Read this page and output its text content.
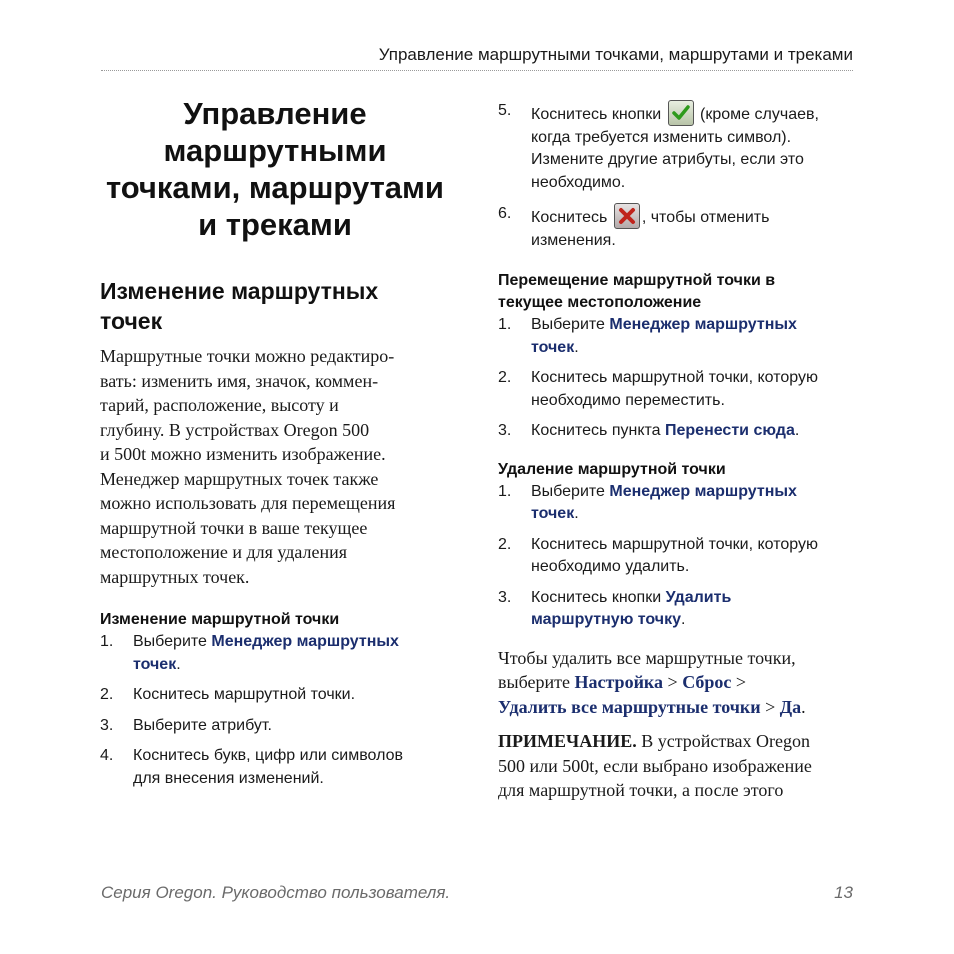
Управление маршрутными точками, маршрутами и треками
Управление
маршрутными
точками, маршрутами
и треками
Изменение маршрутных
точек

Маршрутные точки можно редактиро-
вать: изменить имя, значок, коммен-
тарий, расположение, высоту и
глубину. В устройствах Oregon 500
и 500t можно изменить изображение.
Менеджер маршрутных точек также
можно использовать для перемещения
маршрутной точки в ваше текущее
местоположение и для удаления
маршрутных точек.

Изменение маршрутной точки
1. Выберите Менеджер маршрутных
точек.
2. Коснитесь маршрутной точки.
3. Выберите атрибут.
4. Коснитесь букв, цифр или символов
для внесения изменений.
5. Коснитесь кнопки
(кроме случаев,
когда требуется изменить символ).
Измените другие атрибуты, если это
необходимо.
6. Коснитесь , чтобы отменить
изменения.
Перемещение маршрутной точки в
текущее местоположение
1. Выберите Менеджер маршрутных
точек.
2. Коснитесь маршрутной точки, которую
необходимо переместить.
3. Коснитесь пункта Перенести сюда.
Удаление маршрутной точки
1. Выберите Менеджер маршрутных
точек.
2. Коснитесь маршрутной точки, которую
необходимо удалить.
3. Коснитесь кнопки Удалить
маршрутную точку.

Чтобы удалить все маршрутные точки,
выберите Настройка > Сброс >
Удалить все маршрутные точки > Да.

ПРИМЕЧАНИЕ. В устройствах Oregon
500 или 500t, если выбрано изображение
для маршрутной точки, а после этого

Серия Oregon. Руководство пользователя.	13
